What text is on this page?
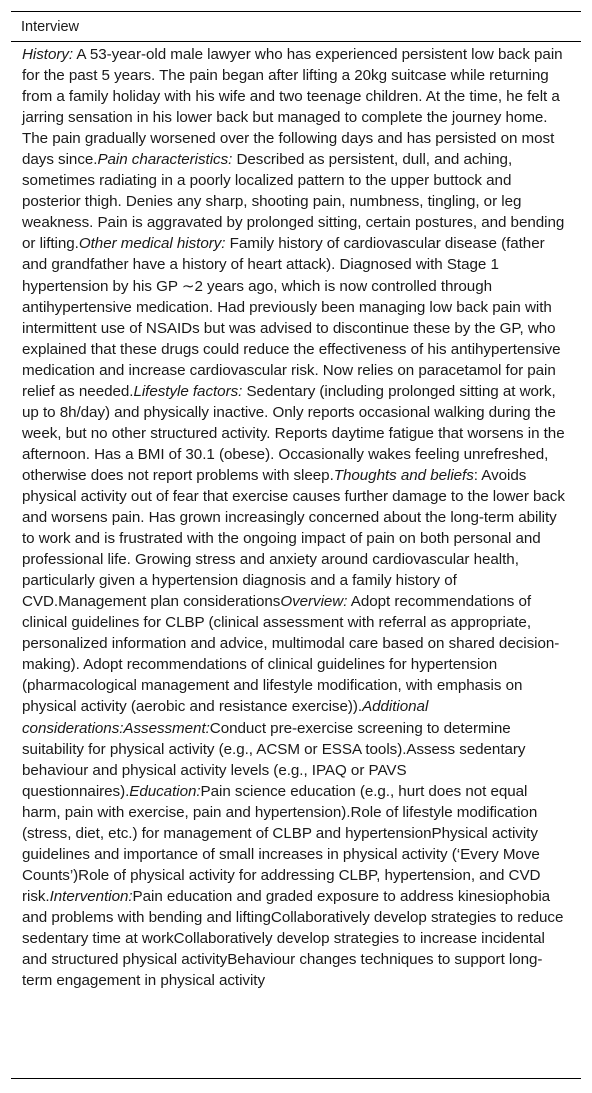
Interview
History: A 53-year-old male lawyer who has experienced persistent low back pain for the past 5 years. The pain began after lifting a 20kg suitcase while returning from a family holiday with his wife and two teenage children. At the time, he felt a jarring sensation in his lower back but managed to complete the journey home. The pain gradually worsened over the following days and has persisted on most days since.Pain characteristics: Described as persistent, dull, and aching, sometimes radiating in a poorly localized pattern to the upper buttock and posterior thigh. Denies any sharp, shooting pain, numbness, tingling, or leg weakness. Pain is aggravated by prolonged sitting, certain postures, and bending or lifting.Other medical history: Family history of cardiovascular disease (father and grandfather have a history of heart attack). Diagnosed with Stage 1 hypertension by his GP ∼2 years ago, which is now controlled through antihypertensive medication. Had previously been managing low back pain with intermittent use of NSAIDs but was advised to discontinue these by the GP, who explained that these drugs could reduce the effectiveness of his antihypertensive medication and increase cardiovascular risk. Now relies on paracetamol for pain relief as needed.Lifestyle factors: Sedentary (including prolonged sitting at work, up to 8h/day) and physically inactive. Only reports occasional walking during the week, but no other structured activity. Reports daytime fatigue that worsens in the afternoon. Has a BMI of 30.1 (obese). Occasionally wakes feeling unrefreshed, otherwise does not report problems with sleep.Thoughts and beliefs: Avoids physical activity out of fear that exercise causes further damage to the lower back and worsens pain. Has grown increasingly concerned about the long-term ability to work and is frustrated with the ongoing impact of pain on both personal and professional life. Growing stress and anxiety around cardiovascular health, particularly given a hypertension diagnosis and a family history of CVD.Management plan considerationsOverview: Adopt recommendations of clinical guidelines for CLBP (clinical assessment with referral as appropriate, personalized information and advice, multimodal care based on shared decision-making). Adopt recommendations of clinical guidelines for hypertension (pharmacological management and lifestyle modification, with emphasis on physical activity (aerobic and resistance exercise)).Additional considerations:Assessment:Conduct pre-exercise screening to determine suitability for physical activity (e.g., ACSM or ESSA tools).Assess sedentary behaviour and physical activity levels (e.g., IPAQ or PAVS questionnaires).Education:Pain science education (e.g., hurt does not equal harm, pain with exercise, pain and hypertension).Role of lifestyle modification (stress, diet, etc.) for management of CLBP and hypertensionPhysical activity guidelines and importance of small increases in physical activity (‘Every Move Counts’)Role of physical activity for addressing CLBP, hypertension, and CVD risk.Intervention:Pain education and graded exposure to address kinesiophobia and problems with bending and liftingCollaboratively develop strategies to reduce sedentary time at workCollaboratively develop strategies to increase incidental and structured physical activityBehaviour changes techniques to support long-term engagement in physical activity
